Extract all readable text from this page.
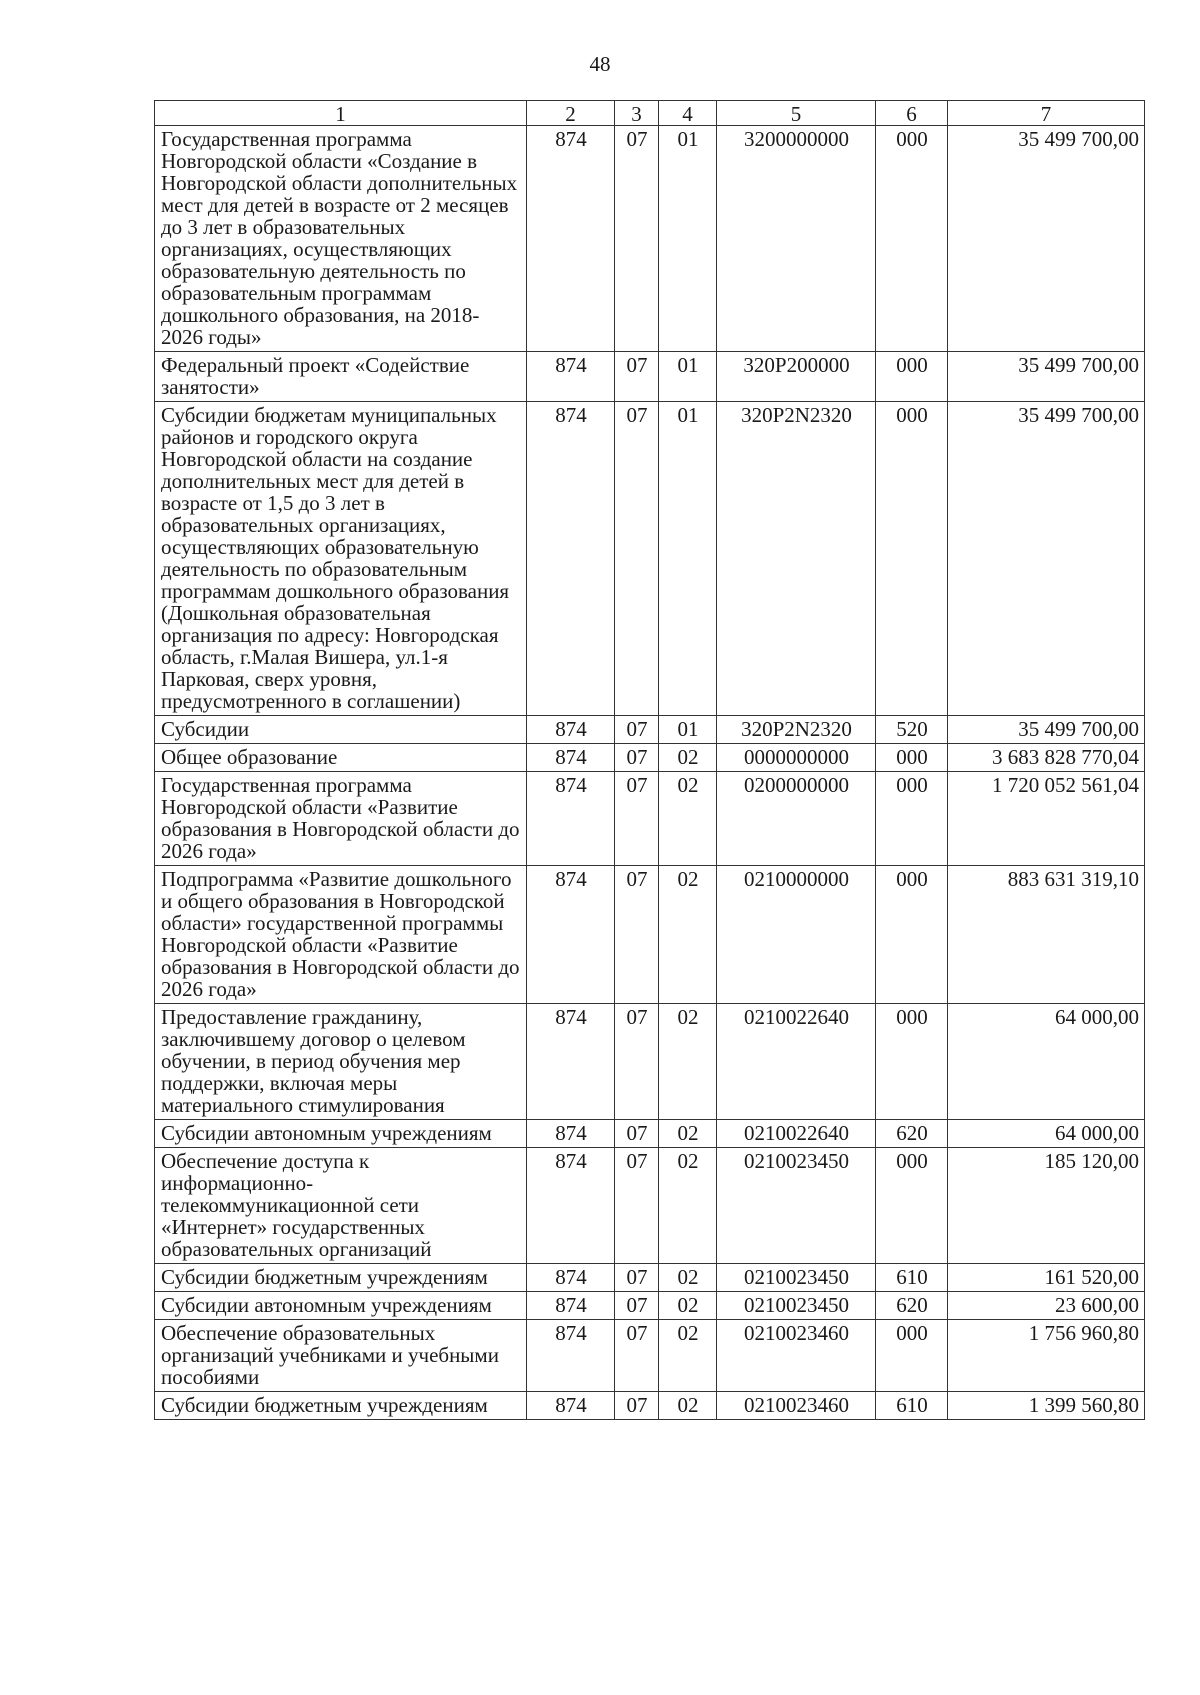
48
1	2	3	4	5	6	7
Государственная программа Новгородской области «Создание в Новгородской области дополнительных мест для детей в возрасте от 2 месяцев до 3 лет в образовательных организациях, осуществляющих образовательную деятельность по образовательным программам дошкольного образования, на 2018-2026 годы»	874	07	01	3200000000	000	35 499 700,00
Федеральный проект «Содействие занятости»	874	07	01	320P200000	000	35 499 700,00
Субсидии бюджетам муниципальных районов и городского округа Новгородской области на создание дополнительных мест для детей в возрасте от 1,5 до 3 лет в образовательных организациях, осуществляющих образовательную деятельность по образовательным программам дошкольного образования (Дошкольная образовательная организация по адресу: Новгородская область, г.Малая Вишера, ул.1-я Парковая, сверх уровня, предусмотренного в соглашении)	874	07	01	320P2N2320	000	35 499 700,00
Субсидии	874	07	01	320P2N2320	520	35 499 700,00
Общее образование	874	07	02	0000000000	000	3 683 828 770,04
Государственная программа Новгородской области «Развитие образования в Новгородской области до 2026 года»	874	07	02	0200000000	000	1 720 052 561,04
Подпрограмма «Развитие дошкольного и общего образования в Новгородской области» государственной программы Новгородской области «Развитие образования в Новгородской области до 2026 года»	874	07	02	0210000000	000	883 631 319,10
Предоставление гражданину, заключившему договор о целевом обучении, в период обучения мер поддержки, включая меры материального стимулирования	874	07	02	0210022640	000	64 000,00
Субсидии автономным учреждениям	874	07	02	0210022640	620	64 000,00
Обеспечение доступа к информационно-телекоммуникационной сети «Интернет» государственных образовательных организаций	874	07	02	0210023450	000	185 120,00
Субсидии бюджетным учреждениям	874	07	02	0210023450	610	161 520,00
Субсидии автономным учреждениям	874	07	02	0210023450	620	23 600,00
Обеспечение образовательных организаций учебниками и учебными пособиями	874	07	02	0210023460	000	1 756 960,80
Субсидии бюджетным учреждениям	874	07	02	0210023460	610	1 399 560,80
